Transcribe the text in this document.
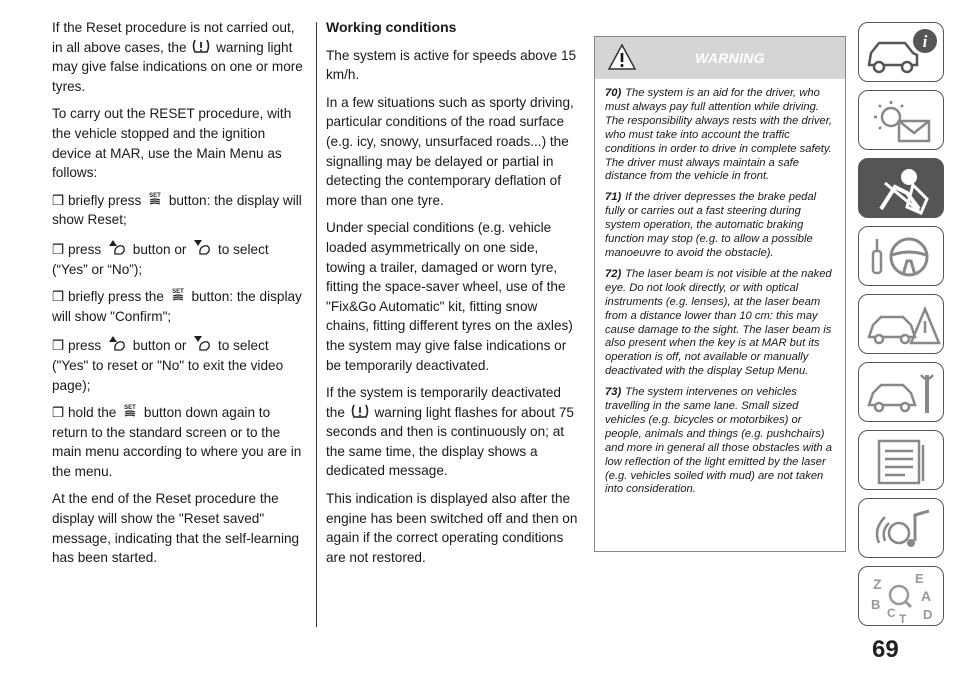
If the Reset procedure is not carried out, in all above cases, the warning light may give false indications on one or more tyres.

To carry out the RESET procedure, with the vehicle stopped and the ignition device at MAR, use the Main Menu as follows:

❒ briefly press SET button: the display will show Reset;

❒ press button or to select (“Yes” or “No”);

❒ briefly press the SET button: the display will show "Confirm";

❒ press button or to select ("Yes" to reset or "No" to exit the video page);

❒ hold the SET button down again to return to the standard screen or to the main menu according to where you are in the menu.

At the end of the Reset procedure the display will show the "Reset saved" message, indicating that the self-learning has been started.

Working conditions

The system is active for speeds above 15 km/h.

In a few situations such as sporty driving, particular conditions of the road surface (e.g. icy, snowy, unsurfaced roads...) the signalling may be delayed or partial in detecting the contemporary deflation of more than one tyre.

Under special conditions (e.g. vehicle loaded asymmetrically on one side, towing a trailer, damaged or worn tyre, fitting the space-saver wheel, use of the "Fix&Go Automatic" kit, fitting snow chains, fitting different tyres on the axles) the system may give false indications or be temporarily deactivated.

If the system is temporarily deactivated the warning light flashes for about 75 seconds and then is continuously on; at the same time, the display shows a dedicated message.

This indication is displayed also after the engine has been switched off and then on again if the correct operating conditions are not restored.

WARNING

70) The system is an aid for the driver, who must always pay full attention while driving. The responsibility always rests with the driver, who must take into account the traffic conditions in order to drive in complete safety. The driver must always maintain a safe distance from the vehicle in front.

71) If the driver depresses the brake pedal fully or carries out a fast steering during system operation, the automatic braking function may stop (e.g. to allow a possible manoeuvre to avoid the obstacle).

72) The laser beam is not visible at the naked eye. Do not look directly, or with optical instruments (e.g. lenses), at the laser beam from a distance lower than 10 cm: this may cause damage to the sight. The laser beam is also present when the key is at MAR but its operation is off, not available or manually deactivated with the display Setup Menu.

73) The system intervenes on vehicles travelling in the same lane. Small sized vehicles (e.g. bicycles or motorbikes) or people, animals and things (e.g. pushchairs) and more in general all those obstacles with a low reflection of the light emitted by the laser (e.g. vehicles soiled with mud) are not taken into consideration.

i
Z	E
A
B
C T D
69
